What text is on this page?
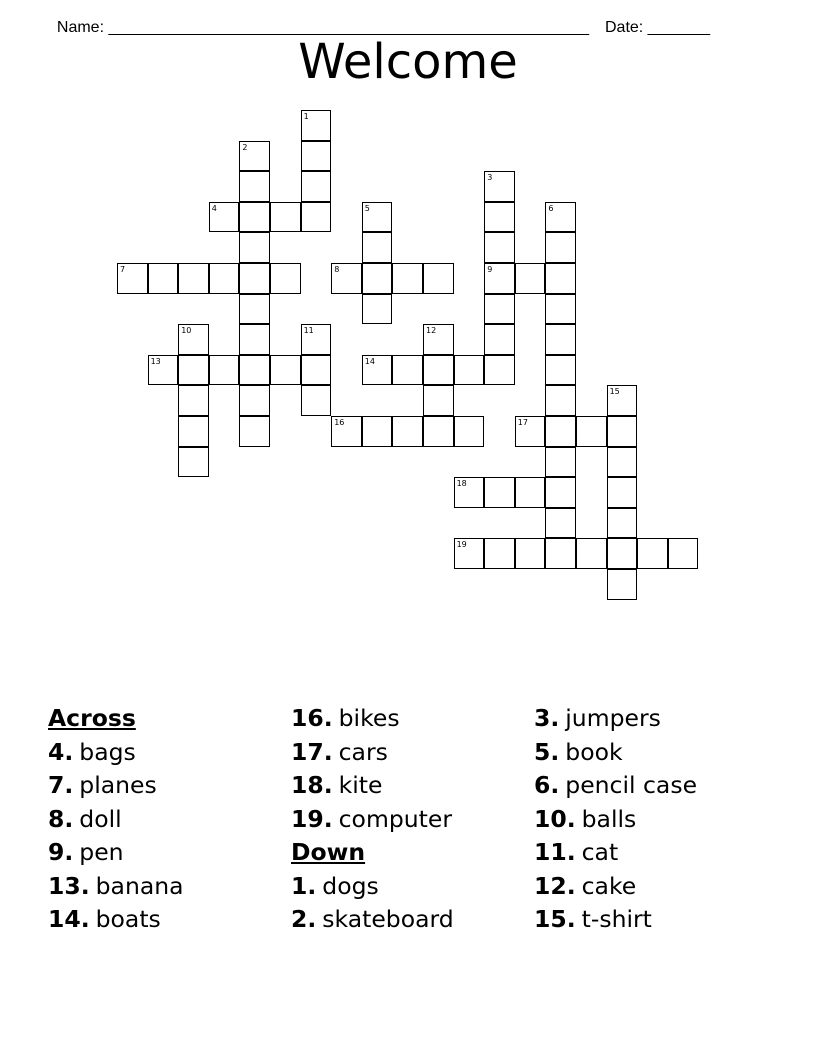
Name: ______________________________________________________ Date: _______

Welcome
1
2
3
9
4	5	6
7	8
10	11	12
13	14
15
16	17
18
19
Across
4. bags
7. planes
8. doll
9. pen
13. banana
14. boats
16. bikes
17. cars
18. kite
19. computer
Down
1. dogs
2. skateboard
3. jumpers
5. book
6. pencil case
10. balls
11. cat
12. cake
15. t-shirt
